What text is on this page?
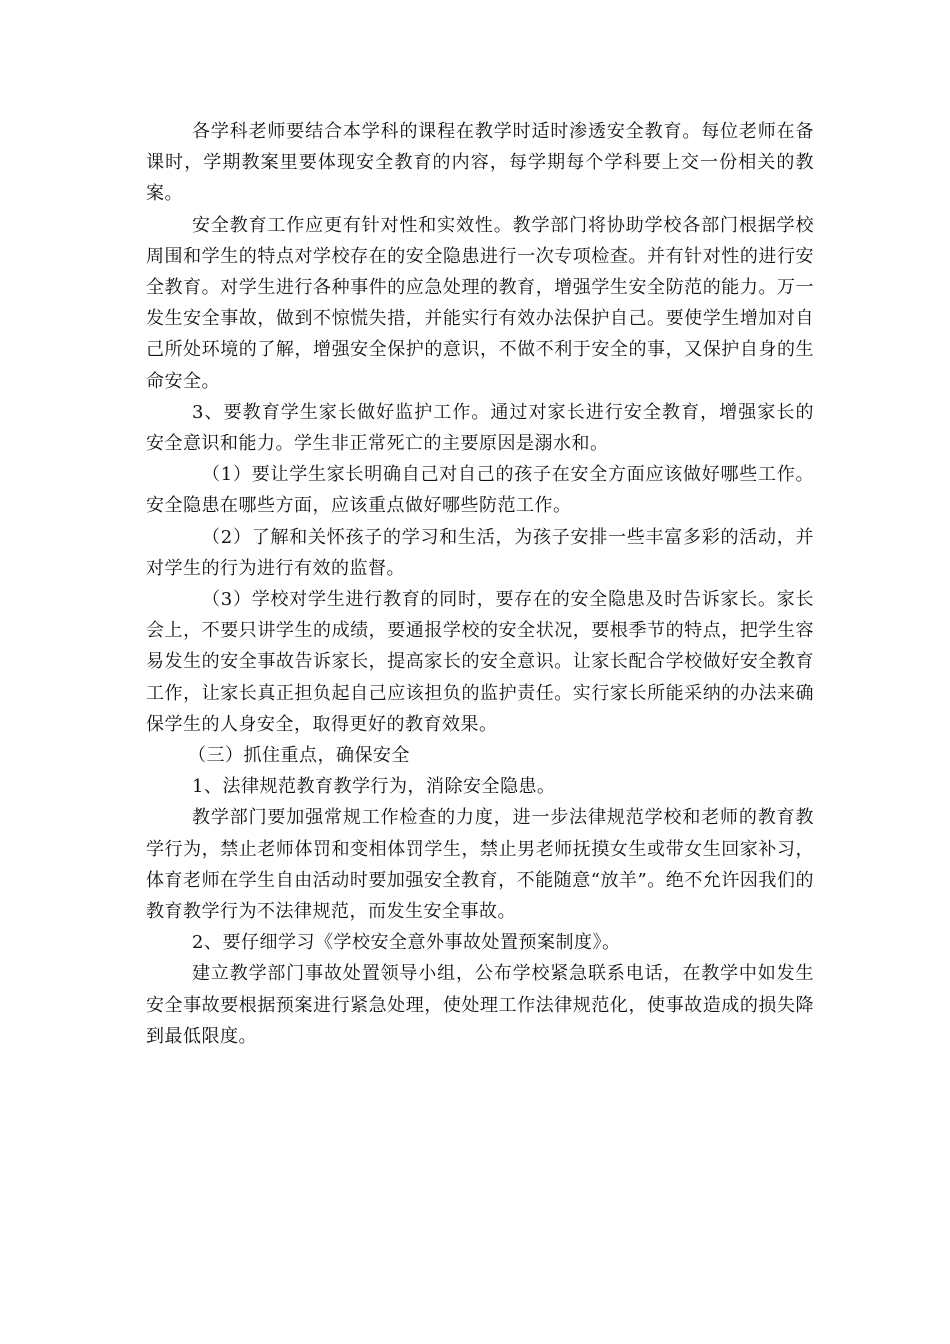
各学科老师要结合本学科的课程在教学时适时渗透安全教育。每位老师在备课时，学期教案里要体现安全教育的内容，每学期每个学科要上交一份相关的教案。

安全教育工作应更有针对性和实效性。教学部门将协助学校各部门根据学校周围和学生的特点对学校存在的安全隐患进行一次专项检查。并有针对性的进行安全教育。对学生进行各种事件的应急处理的教育，增强学生安全防范的能力。万一发生安全事故，做到不惊慌失措，并能实行有效办法保护自己。要使学生增加对自己所处环境的了解，增强安全保护的意识，不做不利于安全的事，又保护自身的生命安全。

3、要教育学生家长做好监护工作。通过对家长进行安全教育，增强家长的安全意识和能力。学生非正常死亡的主要原因是溺水和。

（1）要让学生家长明确自己对自己的孩子在安全方面应该做好哪些工作。安全隐患在哪些方面，应该重点做好哪些防范工作。

（2）了解和关怀孩子的学习和生活，为孩子安排一些丰富多彩的活动，并对学生的行为进行有效的监督。

（3）学校对学生进行教育的同时，要存在的安全隐患及时告诉家长。家长会上，不要只讲学生的成绩，要通报学校的安全状况，要根季节的特点，把学生容易发生的安全事故告诉家长，提高家长的安全意识。让家长配合学校做好安全教育工作，让家长真正担负起自己应该担负的监护责任。实行家长所能采纳的办法来确保学生的人身安全，取得更好的教育效果。

（三）抓住重点，确保安全

1、法律规范教育教学行为，消除安全隐患。

教学部门要加强常规工作检查的力度，进一步法律规范学校和老师的教育教学行为，禁止老师体罚和变相体罚学生，禁止男老师抚摸女生或带女生回家补习，体育老师在学生自由活动时要加强安全教育，不能随意“放羊”。绝不允许因我们的教育教学行为不法律规范，而发生安全事故。

2、要仔细学习《学校安全意外事故处置预案制度》。

建立教学部门事故处置领导小组，公布学校紧急联系电话，在教学中如发生安全事故要根据预案进行紧急处理，使处理工作法律规范化，使事故造成的损失降到最低限度。
